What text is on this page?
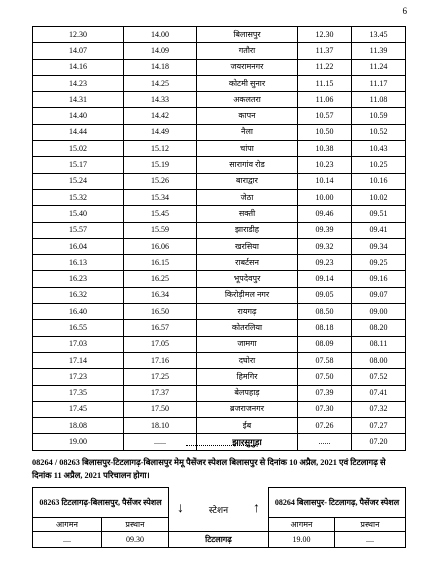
6
12.30	14.00	बिलासपुर	12.30	13.45
14.07	14.09	गतौरा	11.37	11.39
14.16	14.18	जयरामनगर	11.22	11.24
14.23	14.25	कोटमी सुनार	11.15	11.17
14.31	14.33	अकलतरा	11.06	11.08
14.40	14.42	कापन	10.57	10.59
14.44	14.49	नैला	10.50	10.52
15.02	15.12	चांपा	10.38	10.43
15.17	15.19	सारागांव रोड	10.23	10.25
15.24	15.26	बाराद्वार	10.14	10.16
15.32	15.34	जेठा	10.00	10.02
15.40	15.45	सक्ती	09.46	09.51
15.57	15.59	झाराडीह	09.39	09.41
16.04	16.06	खरसिया	09.32	09.34
16.13	16.15	राबर्टसन	09.23	09.25
16.23	16.25	भूपदेवपुर	09.14	09.16
16.32	16.34	किरोड़ीमल नगर	09.05	09.07
16.40	16.50	रायगढ़	08.50	09.00
16.55	16.57	कोतरलिया	08.18	08.20
17.03	17.05	जामगा	08.09	08.11
17.14	17.16	दघोरा	07.58	08.00
17.23	17.25	हिमगिर	07.50	07.52
17.35	17.37	बेलपहाड़	07.39	07.41
17.45	17.50	ब्रजराजनगर	07.30	07.32
18.08	18.10	ईब	07.26	07.27
19.00	......	झारसुगुड़ा	......	07.20
08264 / 08263 बिलासपुर-टिटलागढ़-बिलासपुर मेमू पैसेंजर स्पेशल बिलासपुर से दिनांक 10 अप्रैल, 2021 एवं टिटलागढ़ से दिनांक 11 अप्रैल, 2021 परिचालन होगा।
08263 टिटलागढ़-बिलासपुर, पैसेंजर स्पेशल		↓ स्टेशन ↑	08264 बिलासपुर- टिटलागढ़, पैसेंजर स्पेशल	
आगमन	प्रस्थान		आगमन	प्रस्थान
....	09.30	टिटलागढ़	19.00	....
